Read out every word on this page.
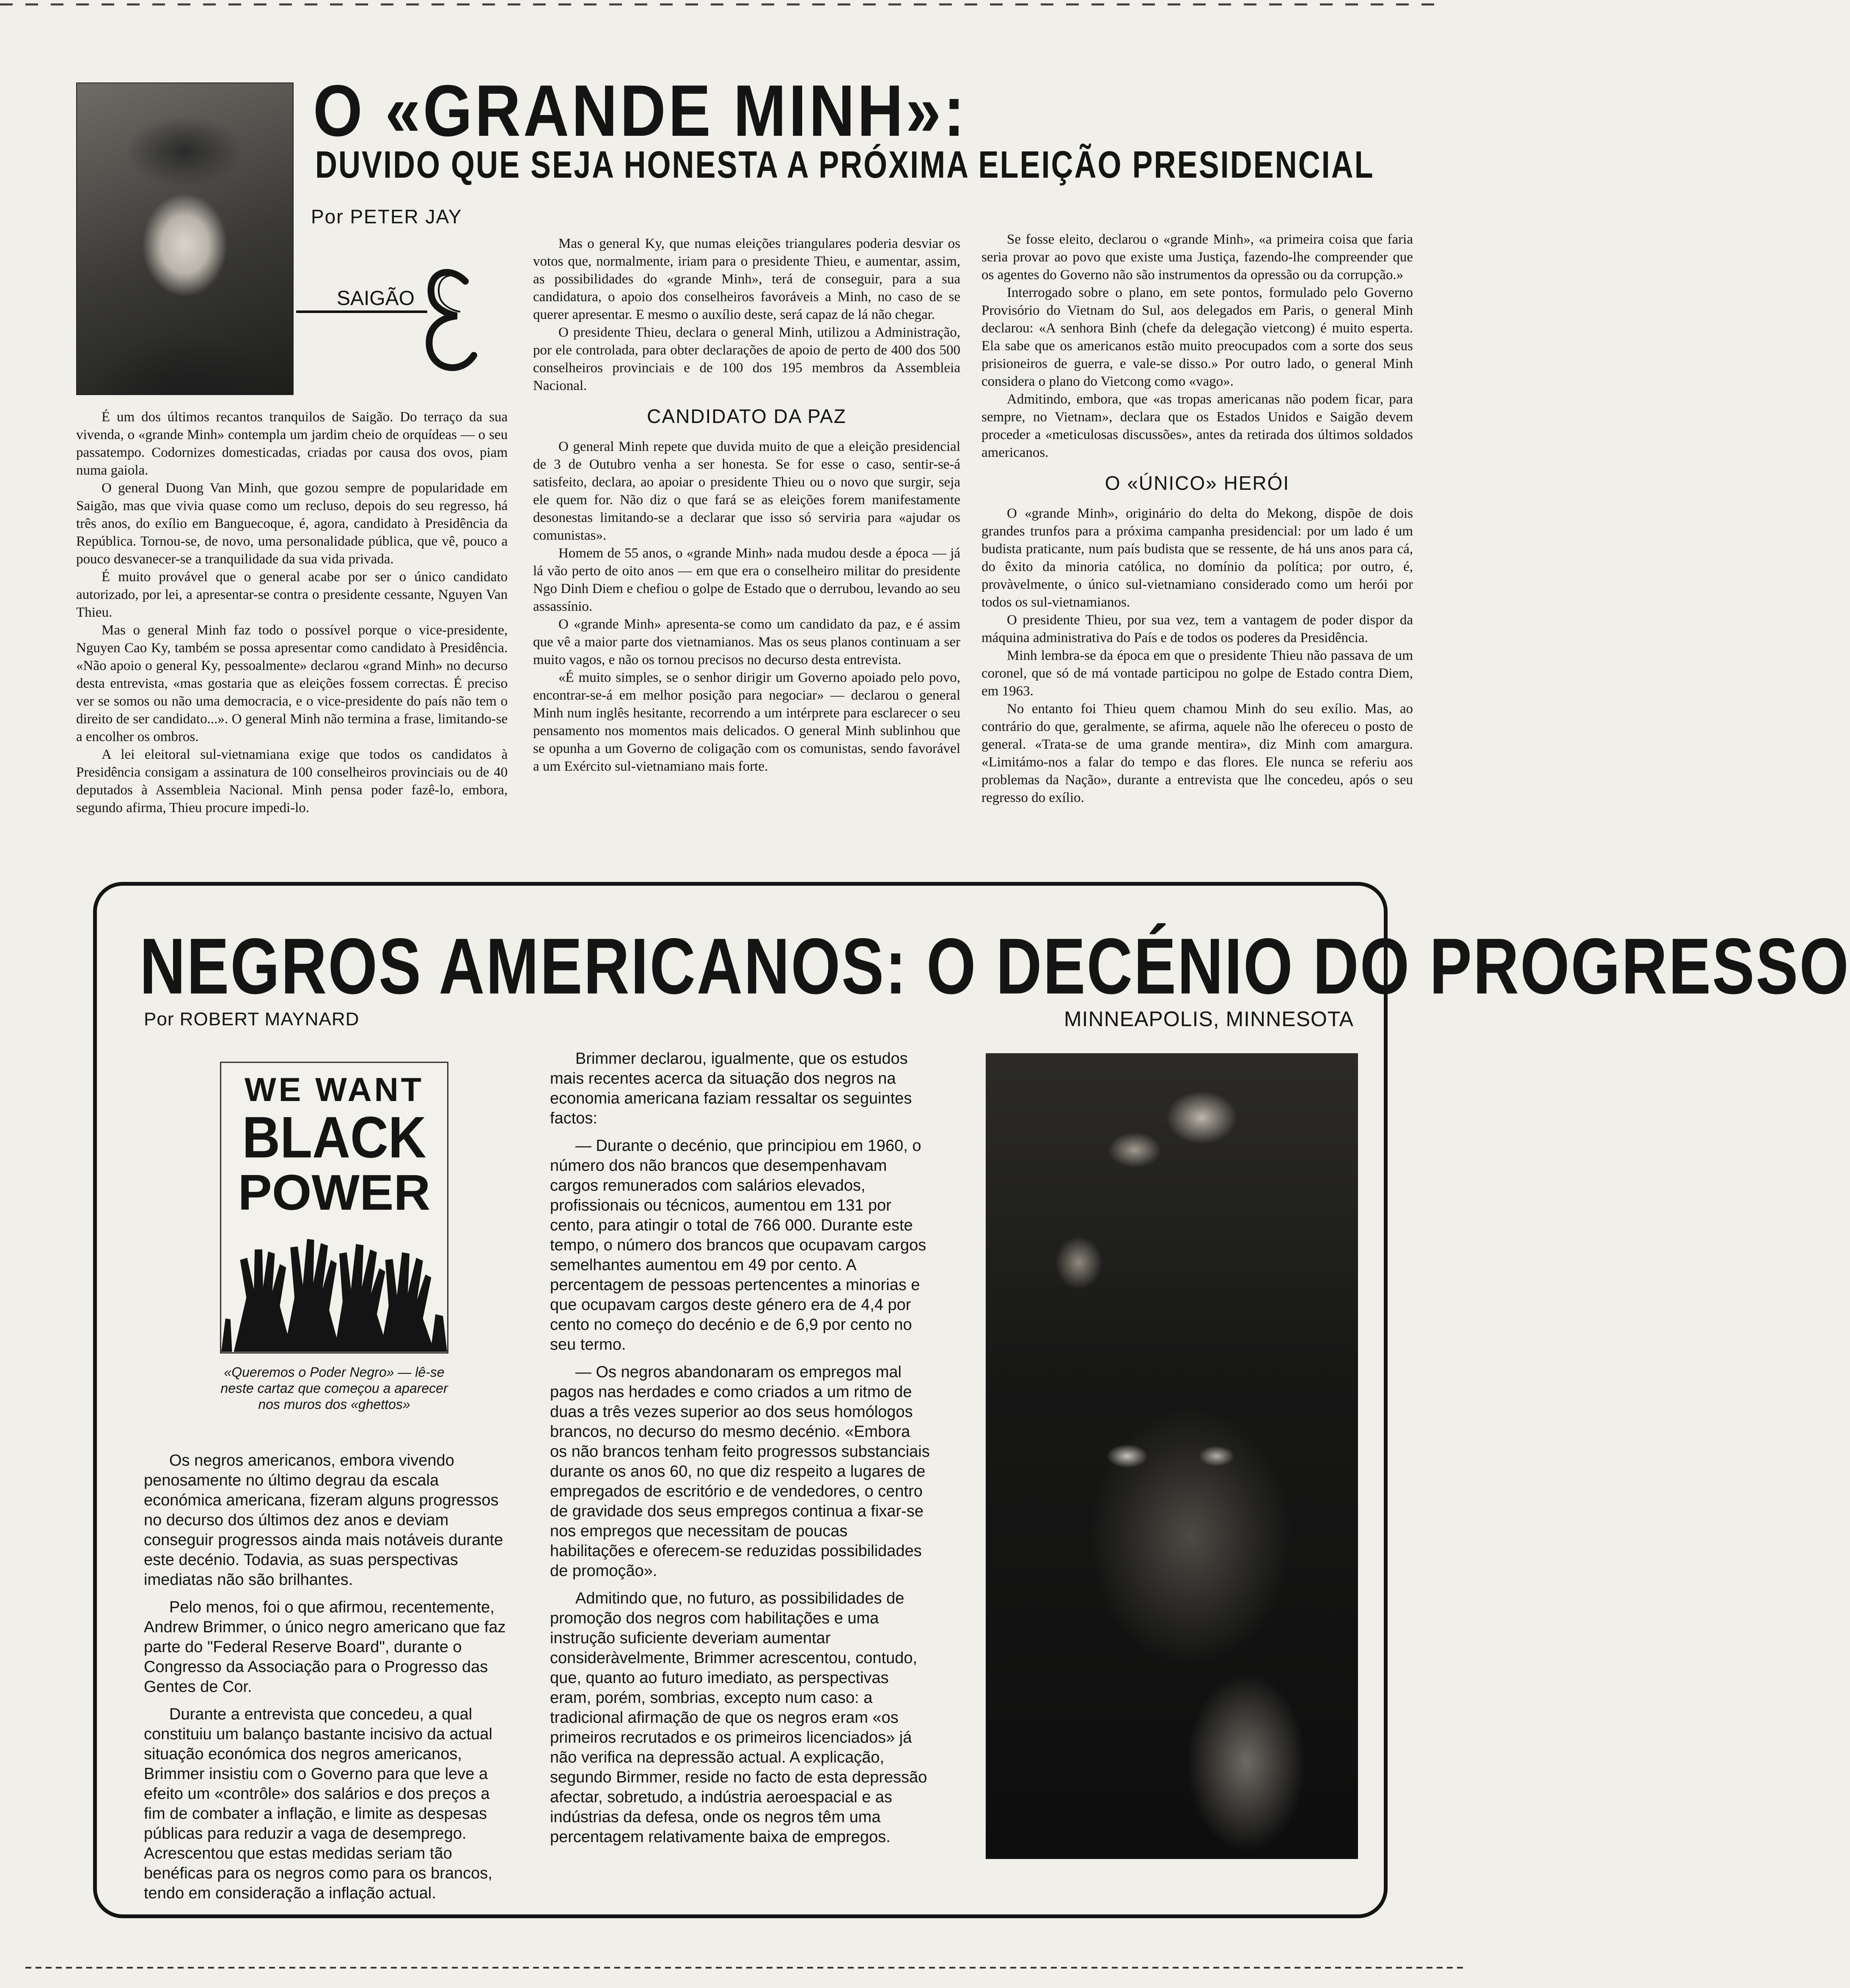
O «GRANDE MINH»:
DUVIDO QUE SEJA HONESTA A PRÓXIMA ELEIÇÃO PRESIDENCIAL
Por PETER JAY
SAIGÃO

É um dos últimos recantos tranquilos de Saigão. Do terraço da sua vivenda, o «grande Minh» contempla um jardim cheio de orquídeas — o seu passatempo. Codornizes domesticadas, criadas por causa dos ovos, piam numa gaiola.

O general Duong Van Minh, que gozou sempre de popularidade em Saigão, mas que vivia quase como um recluso, depois do seu regresso, há três anos, do exílio em Banguecoque, é, agora, candidato à Presidência da República. Tornou-se, de novo, uma personalidade pública, que vê, pouco a pouco desvanecer-se a tranquilidade da sua vida privada.

É muito provável que o general acabe por ser o único candidato autorizado, por lei, a apresentar-se contra o presidente cessante, Nguyen Van Thieu.

Mas o general Minh faz todo o possível porque o vice-presidente, Nguyen Cao Ky, também se possa apresentar como candidato à Presidência. «Não apoio o general Ky, pessoalmente» declarou «grand Minh» no decurso desta entrevista, «mas gostaria que as eleições fossem correctas. É preciso ver se somos ou não uma democracia, e o vice-presidente do país não tem o direito de ser candidato...». O general Minh não termina a frase, limitando-se a encolher os ombros.

A lei eleitoral sul-vietnamiana exige que todos os candidatos à Presidência consigam a assinatura de 100 conselheiros provinciais ou de 40 deputados à Assembleia Nacional. Minh pensa poder fazê-lo, embora, segundo afirma, Thieu procure impedi-lo.

Mas o general Ky, que numas eleições triangulares poderia desviar os votos que, normalmente, iriam para o presidente Thieu, e aumentar, assim, as possibilidades do «grande Minh», terá de conseguir, para a sua candidatura, o apoio dos conselheiros favoráveis a Minh, no caso de se querer apresentar. E mesmo o auxílio deste, será capaz de lá não chegar.

O presidente Thieu, declara o general Minh, utilizou a Administração, por ele controlada, para obter declarações de apoio de perto de 400 dos 500 conselheiros provinciais e de 100 dos 195 membros da Assembleia Nacional.

CANDIDATO DA PAZ

O general Minh repete que duvida muito de que a eleição presidencial de 3 de Outubro venha a ser honesta. Se for esse o caso, sentir-se-á satisfeito, declara, ao apoiar o presidente Thieu ou o novo que surgir, seja ele quem for. Não diz o que fará se as eleições forem manifestamente desonestas limitando-se a declarar que isso só serviria para «ajudar os comunistas».

Homem de 55 anos, o «grande Minh» nada mudou desde a época — já lá vão perto de oito anos — em que era o conselheiro militar do presidente Ngo Dinh Diem e chefiou o golpe de Estado que o derrubou, levando ao seu assassínio.

O «grande Minh» apresenta-se como um candidato da paz, e é assim que vê a maior parte dos vietnamianos. Mas os seus planos continuam a ser muito vagos, e não os tornou precisos no decurso desta entrevista.

«É muito simples, se o senhor dirigir um Governo apoiado pelo povo, encontrar-se-á em melhor posição para negociar» — declarou o general Minh num inglês hesitante, recorrendo a um intérprete para esclarecer o seu pensamento nos momentos mais delicados. O general Minh sublinhou que se opunha a um Governo de coligação com os comunistas, sendo favorável a um Exército sul-vietnamiano mais forte.

Se fosse eleito, declarou o «grande Minh», «a primeira coisa que faria seria provar ao povo que existe uma Justiça, fazendo-lhe compreender que os agentes do Governo não são instrumentos da opressão ou da corrupção.»

Interrogado sobre o plano, em sete pontos, formulado pelo Governo Provisório do Vietnam do Sul, aos delegados em Paris, o general Minh declarou: «A senhora Binh (chefe da delegação vietcong) é muito esperta. Ela sabe que os americanos estão muito preocupados com a sorte dos seus prisioneiros de guerra, e vale-se disso.» Por outro lado, o general Minh considera o plano do Vietcong como «vago».

Admitindo, embora, que «as tropas americanas não podem ficar, para sempre, no Vietnam», declara que os Estados Unidos e Saigão devem proceder a «meticulosas discussões», antes da retirada dos últimos soldados americanos.

O «ÚNICO» HERÓI

O «grande Minh», originário do delta do Mekong, dispõe de dois grandes trunfos para a próxima campanha presidencial: por um lado é um budista praticante, num país budista que se ressente, de há uns anos para cá, do êxito da minoria católica, no domínio da política; por outro, é, provàvelmente, o único sul-vietnamiano considerado como um herói por todos os sul-vietnamianos.

O presidente Thieu, por sua vez, tem a vantagem de poder dispor da máquina administrativa do País e de todos os poderes da Presidência.

Minh lembra-se da época em que o presidente Thieu não passava de um coronel, que só de má vontade participou no golpe de Estado contra Diem, em 1963.

No entanto foi Thieu quem chamou Minh do seu exílio. Mas, ao contrário do que, geralmente, se afirma, aquele não lhe ofereceu o posto de general. «Trata-se de uma grande mentira», diz Minh com amargura. «Limitámo-nos a falar do tempo e das flores. Ele nunca se referiu aos problemas da Nação», durante a entrevista que lhe concedeu, após o seu regresso do exílio.

NEGROS AMERICANOS: O DECÉNIO DO PROGRESSO
Por ROBERT MAYNARD	MINNEAPOLIS, MINNESOTA
WE WANT
BLACK
POWER
«Queremos o Poder Negro» — lê-se neste cartaz que começou a aparecer nos muros dos «ghettos»

Os negros americanos, embora vivendo penosamente no último degrau da escala económica americana, fizeram alguns progressos no decurso dos últimos dez anos e deviam conseguir progressos ainda mais notáveis durante este decénio. Todavia, as suas perspectivas imediatas não são brilhantes.

Pelo menos, foi o que afirmou, recentemente, Andrew Brimmer, o único negro americano que faz parte do "Federal Reserve Board", durante o Congresso da Associação para o Progresso das Gentes de Cor.

Durante a entrevista que concedeu, a qual constituiu um balanço bastante incisivo da actual situação económica dos negros americanos, Brimmer insistiu com o Governo para que leve a efeito um «contrôle» dos salários e dos preços a fim de combater a inflação, e limite as despesas públicas para reduzir a vaga de desemprego. Acrescentou que estas medidas seriam tão benéficas para os negros como para os brancos, tendo em consideração a inflação actual.

Brimmer declarou, igualmente, que os estudos mais recentes acerca da situação dos negros na economia americana faziam ressaltar os seguintes factos:

— Durante o decénio, que principiou em 1960, o número dos não brancos que desempenhavam cargos remunerados com salários elevados, profissionais ou técnicos, aumentou em 131 por cento, para atingir o total de 766 000. Durante este tempo, o número dos brancos que ocupavam cargos semelhantes aumentou em 49 por cento. A percentagem de pessoas pertencentes a minorias e que ocupavam cargos deste género era de 4,4 por cento no começo do decénio e de 6,9 por cento no seu termo.

— Os negros abandonaram os empregos mal pagos nas herdades e como criados a um ritmo de duas a três vezes superior ao dos seus homólogos brancos, no decurso do mesmo decénio. «Embora os não brancos tenham feito progressos substanciais durante os anos 60, no que diz respeito a lugares de empregados de escritório e de vendedores, o centro de gravidade dos seus empregos continua a fixar-se nos empregos que necessitam de poucas habilitações e oferecem-se reduzidas possibilidades de promoção».

Admitindo que, no futuro, as possibilidades de promoção dos negros com habilitações e uma instrução suficiente deveriam aumentar consideràvelmente, Brimmer acrescentou, contudo, que, quanto ao futuro imediato, as perspectivas eram, porém, sombrias, excepto num caso: a tradicional afirmação de que os negros eram «os primeiros recrutados e os primeiros licenciados» já não verifica na depressão actual. A explicação, segundo Birmmer, reside no facto de esta depressão afectar, sobretudo, a indústria aeroespacial e as indústrias da defesa, onde os negros têm uma percentagem relativamente baixa de empregos.
